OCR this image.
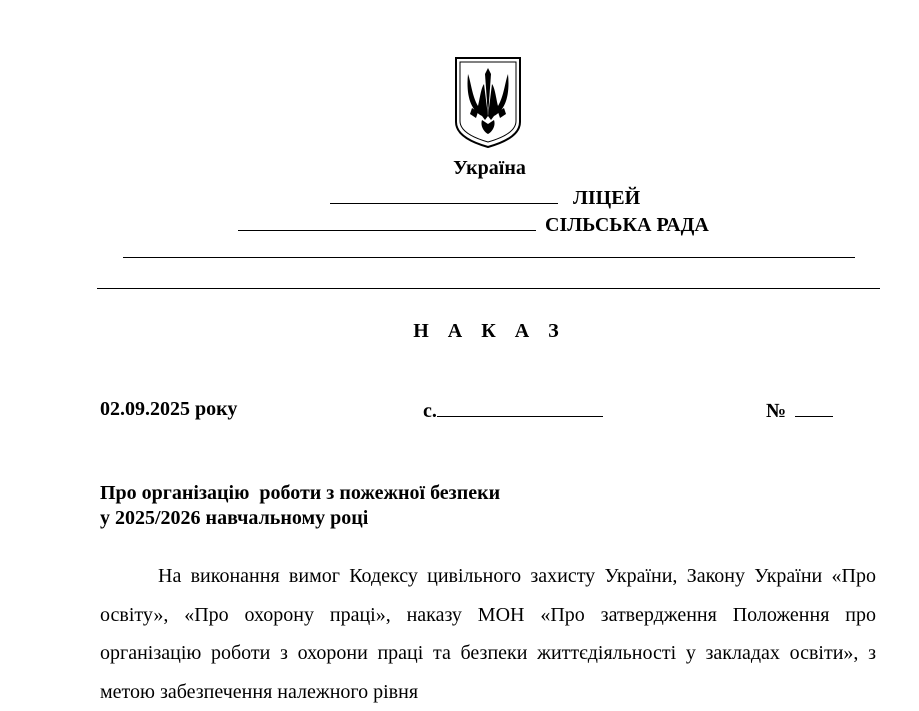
Україна
ЛІЦЕЙ
СІЛЬСЬКА РАДА
Н А К А З
02.09.2025 року	с.	№
Про організацію  роботи з пожежної безпеки
у 2025/2026 навчальному році
На виконання вимог Кодексу цивільного захисту України, Закону України «Про освіту», «Про охорону праці», наказу МОН «Про затвердження Положення про організацію роботи з охорони праці та безпеки життєдіяльності у закладах освіти», з метою забезпечення належного рівня
